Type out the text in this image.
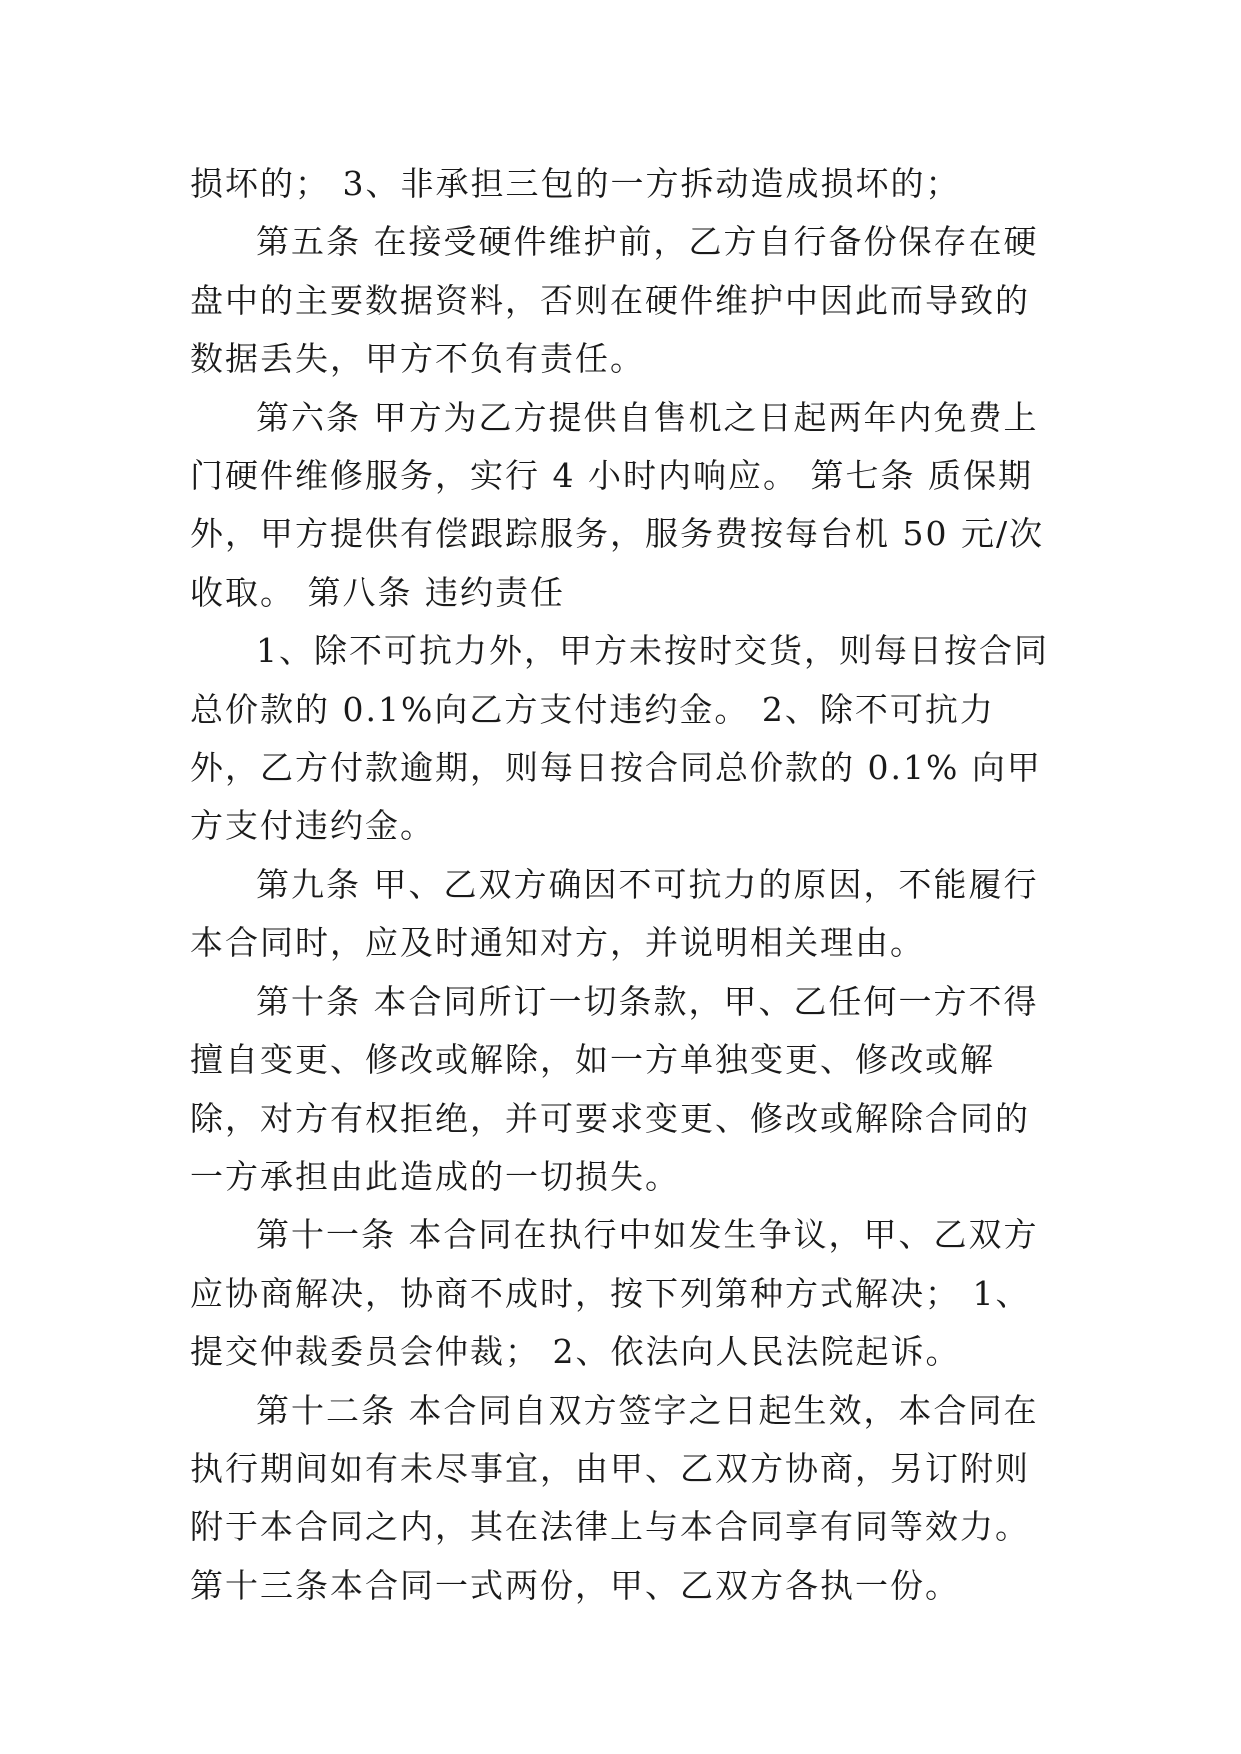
损坏的； 3、非承担三包的一方拆动造成损坏的；

第五条 在接受硬件维护前，乙方自行备份保存在硬盘中的主要数据资料，否则在硬件维护中因此而导致的数据丢失，甲方不负有责任。

第六条 甲方为乙方提供自售机之日起两年内免费上门硬件维修服务，实行 4 小时内响应。 第七条 质保期外，甲方提供有偿跟踪服务，服务费按每台机 50 元/次收取。 第八条 违约责任

1、除不可抗力外，甲方未按时交货，则每日按合同总价款的 0.1%向乙方支付违约金。 2、除不可抗力外，乙方付款逾期，则每日按合同总价款的 0.1% 向甲方支付违约金。

第九条 甲、乙双方确因不可抗力的原因，不能履行本合同时，应及时通知对方，并说明相关理由。

第十条 本合同所订一切条款，甲、乙任何一方不得擅自变更、修改或解除，如一方单独变更、修改或解除，对方有权拒绝，并可要求变更、修改或解除合同的一方承担由此造成的一切损失。

第十一条 本合同在执行中如发生争议，甲、乙双方应协商解决，协商不成时，按下列第种方式解决； 1、提交仲裁委员会仲裁； 2、依法向人民法院起诉。

第十二条 本合同自双方签字之日起生效，本合同在执行期间如有未尽事宜，由甲、乙双方协商，另订附则附于本合同之内，其在法律上与本合同享有同等效力。 第十三条本合同一式两份，甲、乙双方各执一份。
